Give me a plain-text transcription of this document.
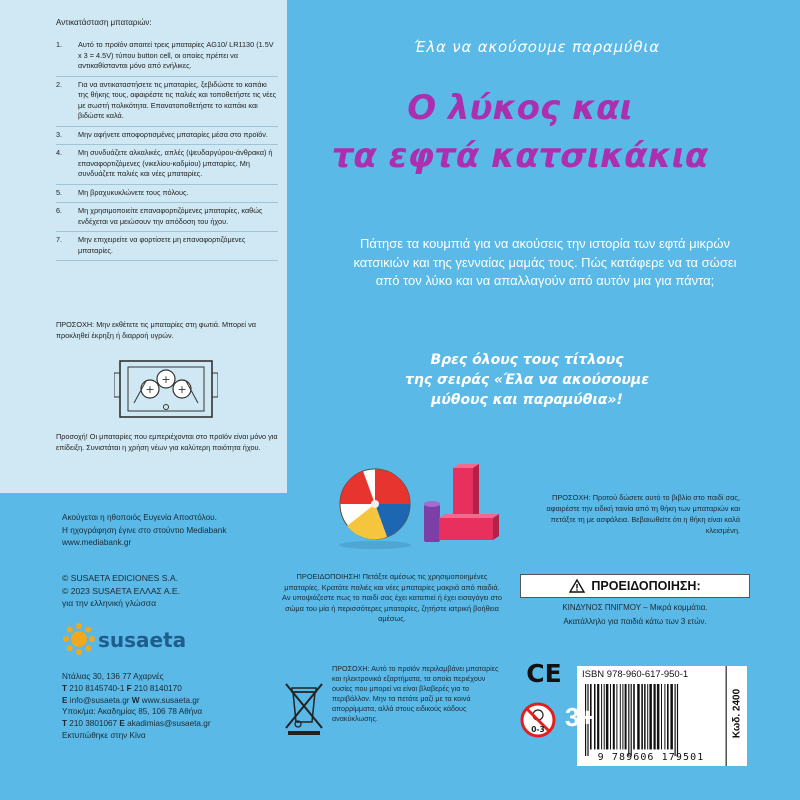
Αντικατάσταση μπαταριών:
1. Αυτό το προϊόν απαιτεί τρεις μπαταρίες AG10/ LR1130 (1.5V x 3 = 4.5V) τύπου button cell, οι οποίες πρέπει να αντικαθίστανται μόνο από ενήλικες.
2. Για να αντικαταστήσετε τις μπαταρίες, ξεβιδώστε το καπάκι της θήκης τους, αφαιρέστε τις παλιές και τοποθετήστε τις νέες με σωστή πολικότητα. Επανατοποθετήστε το καπάκι και βιδώστε καλά.
3. Μην αφήνετε αποφορτισμένες μπαταρίες μέσα στο προϊόν.
4. Μη συνδυάζετε αλκαλικές, απλές (ψευδαργύρου-άνθρακα) ή επαναφορτιζόμενες (νικελίου-καδμίου) μπαταρίες. Μη συνδυάζετε παλιές και νέες μπαταρίες.
5. Μη βραχυκυκλώνετε τους πόλους.
6. Μη χρησιμοποιείτε επαναφορτιζόμενες μπαταρίες, καθώς ενδέχεται να μειώσουν την απόδοση του ήχου.
7. Μην επιχειρείτε να φορτίσετε μη επαναφορτιζόμενες μπαταρίες.
ΠΡΟΣΟΧΗ: Μην εκθέτετε τις μπαταρίες στη φωτιά. Μπορεί να προκληθεί έκρηξη ή διαρροή υγρών.
+
+
+
Προσοχή! Οι μπαταρίες που εμπεριέχονται στο προϊόν είναι μόνο για επίδειξη. Συνιστάται η χρήση νέων για καλύτερη ποιότητα ήχου.
Ακούγεται η ηθοποιός Ευγενία Αποστόλου.
Η ηχογράφηση έγινε στο στούντιο Mediabank
www.mediabank.gr
© SUSAETA EDICIONES S.A.
© 2023 SUSAETA ΕΛΛΑΣ Α.Ε.
για την ελληνική γλώσσα
susaeta
Ντάλιας 30, 136 77 Αχαρνές
T 210 8145740-1 F 210 8140170
E info@susaeta.gr W www.susaeta.gr
Υποκ/μα: Ακαδημίας 85, 106 78 Αθήνα
T 210 3801067 E akadimias@susaeta.gr
Εκτυπώθηκε στην Κίνα
Έλα να ακούσουμε παραμύθια
Ο λύκος και
τα εφτά κατσικάκια
Πάτησε τα κουμπιά για να ακούσεις την ιστορία των εφτά μικρών κατσικιών και της γενναίας μαμάς τους. Πώς κατάφερε να τα σώσει από τον λύκο και να απαλλαγούν από αυτόν μια για πάντα;
Βρες όλους τους τίτλους
της σειράς «Έλα να ακούσουμε
μύθους και παραμύθια»!
ΠΡΟΣΟΧΗ: Προτού δώσετε αυτό το βιβλίο στο παιδί σας, αφαιρέστε την ειδική ταινία από τη θήκη των μπαταριών και πετάξτε τη με ασφάλεια. Βεβαιωθείτε ότι η θήκη είναι καλά κλεισμένη.
ΠΡΟΕΙΔΟΠΟΙΗΣΗ:
ΚΙΝΔΥΝΟΣ ΠΝΙΓΜΟΥ – Μικρά κομμάτια.
Ακατάλληλο για παιδιά κάτω των 3 ετών.
ΠΡΟΕΙΔΟΠΟΙΗΣΗ! Πετάξτε αμέσως τις χρησιμοποιημένες μπαταρίες. Κρατάτε παλιές και νέες μπαταρίες μακριά από παιδιά. Αν υποψιάζεστε πως το παιδί σας έχει καταπιεί ή έχει εισαγάγει στο σώμα του μία ή περισσότερες μπαταρίες, ζητήστε ιατρική βοήθεια αμέσως.
ΠΡΟΣΟΧΗ: Αυτό το προϊόν περιλαμβάνει μπαταρίες και ηλεκτρονικά εξαρτήματα, τα οποία περιέχουν ουσίες που μπορεί να είναι βλαβερές για το περιβάλλον. Μην τα πετάτε μαζί με τα κοινά απορρίμματα, αλλά στους ειδικούς κάδους ανακύκλωσης.
CE ISBN 978-960-617-950-1
9 789606 179501
Κωδ. 2400
0-3 3+
